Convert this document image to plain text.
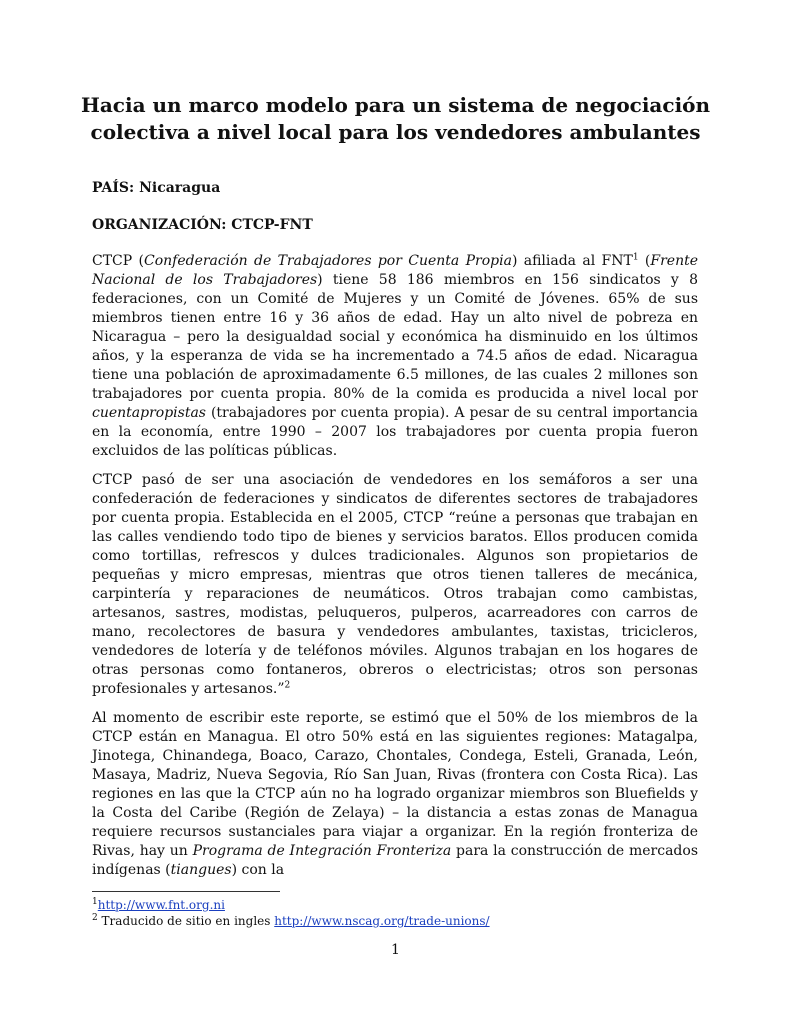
Hacia un marco modelo para un sistema de negociación colectiva a nivel local para los vendedores ambulantes
PAÍS: Nicaragua
ORGANIZACIÓN: CTCP-FNT

CTCP (Confederación de Trabajadores por Cuenta Propia) afiliada al FNT$^1$ (Frente Nacional de los Trabajadores) tiene 58 186 miembros en 156 sindicatos y 8 federaciones, con un Comité de Mujeres y un Comité de Jóvenes. 65% de sus miembros tienen entre 16 y 36 años de edad. Hay un alto nivel de pobreza en Nicaragua – pero la desigualdad social y económica ha disminuido en los últimos años, y la esperanza de vida se ha incrementado a 74.5 años de edad. Nicaragua tiene una población de aproximadamente 6.5 millones, de las cuales 2 millones son trabajadores por cuenta propia. 80% de la comida es producida a nivel local por cuentapropistas (trabajadores por cuenta propia). A pesar de su central importancia en la economía, entre 1990 – 2007 los trabajadores por cuenta propia fueron excluidos de las políticas públicas.

CTCP pasó de ser una asociación de vendedores en los semáforos a ser una confederación de federaciones y sindicatos de diferentes sectores de trabajadores por cuenta propia. Establecida en el 2005, CTCP “reúne a personas que trabajan en las calles vendiendo todo tipo de bienes y servicios baratos. Ellos producen comida como tortillas, refrescos y dulces tradicionales. Algunos son propietarios de pequeñas y micro empresas, mientras que otros tienen talleres de mecánica, carpintería y reparaciones de neumáticos. Otros trabajan como cambistas, artesanos, sastres, modistas, peluqueros, pulperos, acarreadores con carros de mano, recolectores de basura y vendedores ambulantes, taxistas, tricicleros, vendedores de lotería y de teléfonos móviles. Algunos trabajan en los hogares de otras personas como fontaneros, obreros o electricistas; otros son personas profesionales y artesanos.”$^2$

Al momento de escribir este reporte, se estimó que el 50% de los miembros de la CTCP están en Managua. El otro 50% está en las siguientes regiones: Matagalpa, Jinotega, Chinandega, Boaco, Carazo, Chontales, Condega, Esteli, Granada, León, Masaya, Madriz, Nueva Segovia, Río San Juan, Rivas (frontera con Costa Rica). Las regiones en las que la CTCP aún no ha logrado organizar miembros son Bluefields y la Costa del Caribe (Región de Zelaya) – la distancia a estas zonas de Managua requiere recursos sustanciales para viajar a organizar. En la región fronteriza de Rivas, hay un Programa de Integración Fronteriza para la construcción de mercados indígenas (tiangues) con la

$^1$http://www.fnt.org.ni
$^2$ Traducido de sitio en ingles http://www.nscag.org/trade-unions/
1
